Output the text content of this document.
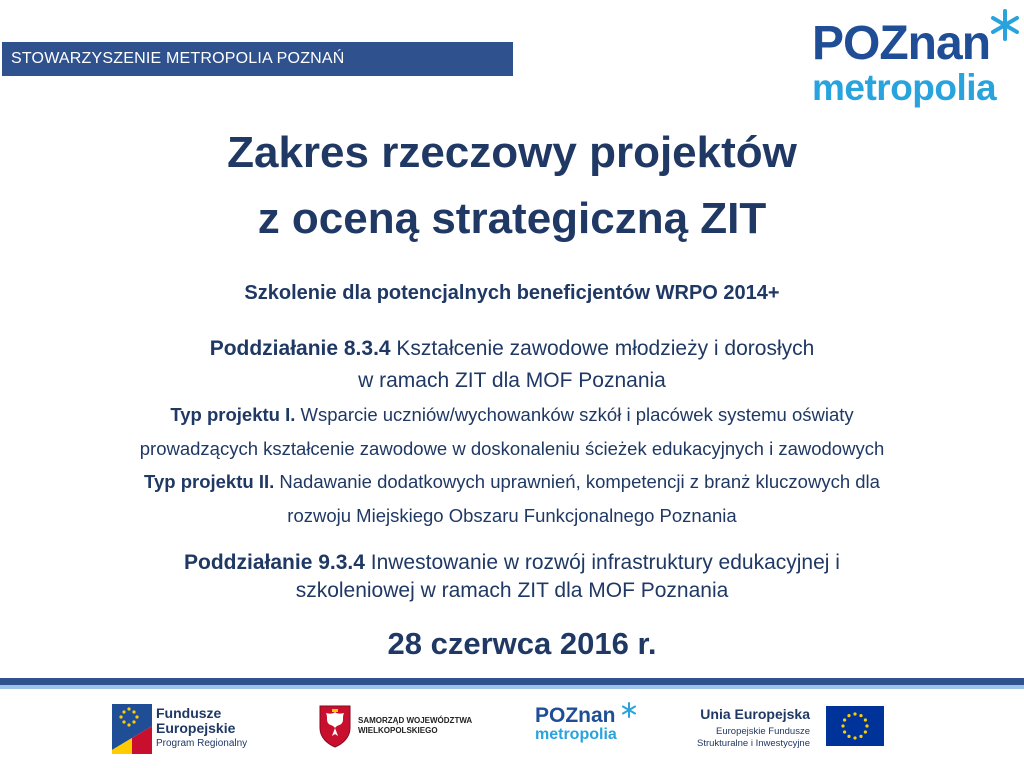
STOWARZYSZENIE METROPOLIA POZNAŃ	POZnan
metropolia
Zakres rzeczowy projektów
z oceną strategiczną ZIT
Szkolenie dla potencjalnych beneficjentów WRPO 2014+
Poddziałanie 8.3.4 Kształcenie zawodowe młodzieży i dorosłych
w ramach ZIT dla MOF Poznania
Typ projektu I. Wsparcie uczniów/wychowanków szkół i placówek systemu oświaty
prowadzących kształcenie zawodowe w doskonaleniu ścieżek edukacyjnych i zawodowych
Typ projektu II. Nadawanie dodatkowych uprawnień, kompetencji z branż kluczowych dla
rozwoju Miejskiego Obszaru Funkcjonalnego Poznania
Poddziałanie 9.3.4 Inwestowanie w rozwój infrastruktury edukacyjnej i
szkoleniowej w ramach ZIT dla MOF Poznania
28 czerwca 2016 r.
Fundusze
Europejskie
Program Regionalny
SAMORZĄD WOJEWÓDZTWA
WIELKOPOLSKIEGO
POZnan
metropolia
Unia Europejska
Europejskie Fundusze
Strukturalne i Inwestycyjne
